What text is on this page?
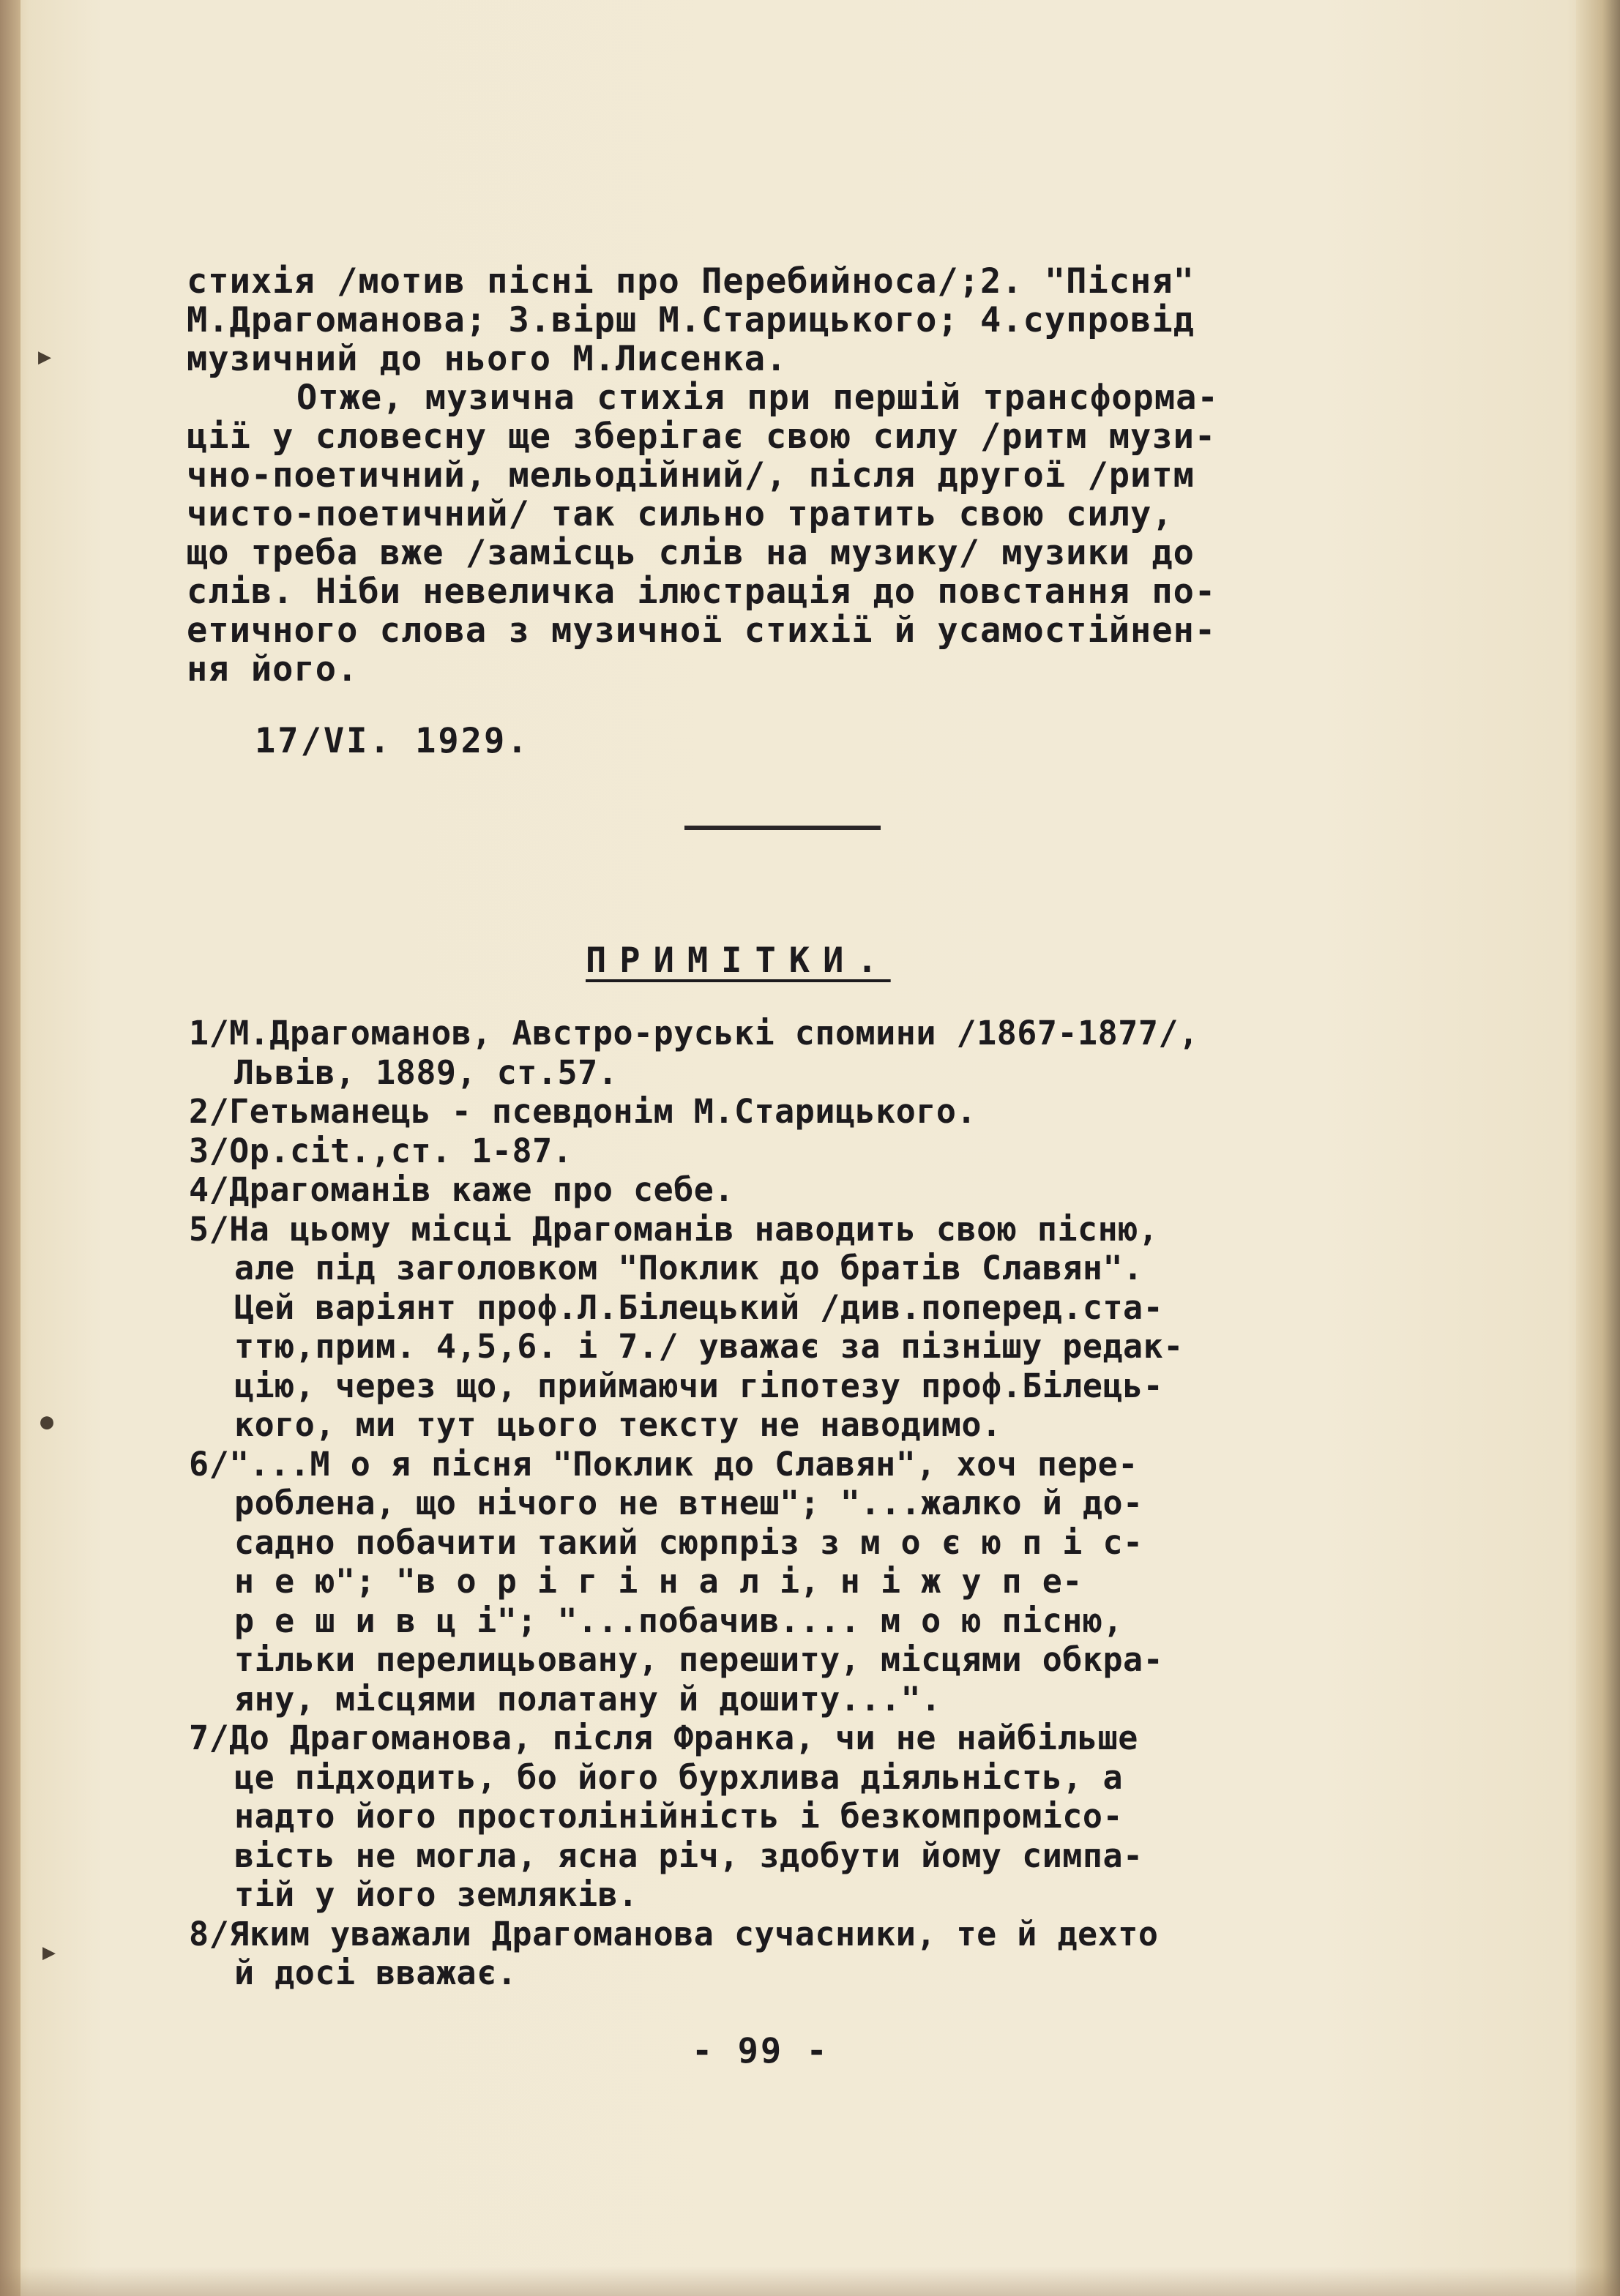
▶
●
▶
стихія /мотив пісні про Перебийноса/;2. "Пісня"
М.Драгоманова; 3.вірш М.Старицького; 4.супровід
музичний до нього М.Лисенка.
Отже, музична стихія при першій трансформа-
ції у словесну ще зберігає свою силу /ритм музи-
чно-поетичний, мельодійний/, після другої /ритм
чисто-поетичний/ так сильно тратить свою силу,
що треба вже /замісць слів на музику/ музики до
слів. Ніби невеличка ілюстрація до повстання по-
етичного слова з музичної стихії й усамостійнен-
ня його.
17/VI. 1929.
ПРИМІТКИ.
1/М.Драгоманов, Австро-руські спомини /1867-1877/,
Львів, 1889, ст.57.
2/Гетьманець - псевдонім М.Старицького.
3/Op.cit.,ст. 1-87.
4/Драгоманів каже про себе.
5/На цьому місці Драгоманів наводить свою пісню,
але під заголовком "Поклик до братів Славян".
Цей варіянт проф.Л.Білецький /див.поперед.ста-
ттю,прим. 4,5,6. і 7./ уважає за пізнішу редак-
цію, через що, приймаючи гіпотезу проф.Білець-
кого, ми тут цього тексту не наводимо.
6/"...М о я пісня "Поклик до Славян", хоч пере-
роблена, що нічого не втнеш"; "...жалко й до-
садно побачити такий сюрпріз з м о є ю п і с-
н е ю"; "в о р і г і н а л і, н і ж у п е-
р е ш и в ц і"; "...побачив.... м о ю пісню,
тільки перелицьовану, перешиту, місцями обкра-
яну, місцями полатану й дошиту...".
7/До Драгоманова, після Франка, чи не найбільше
це підходить, бо його бурхлива діяльність, а
надто його простолінійність і безкомпромісо-
вість не могла, ясна річ, здобути йому симпа-
тій у його земляків.
8/Яким уважали Драгоманова сучасники, те й дехто
й досі вважає.
- 99 -
